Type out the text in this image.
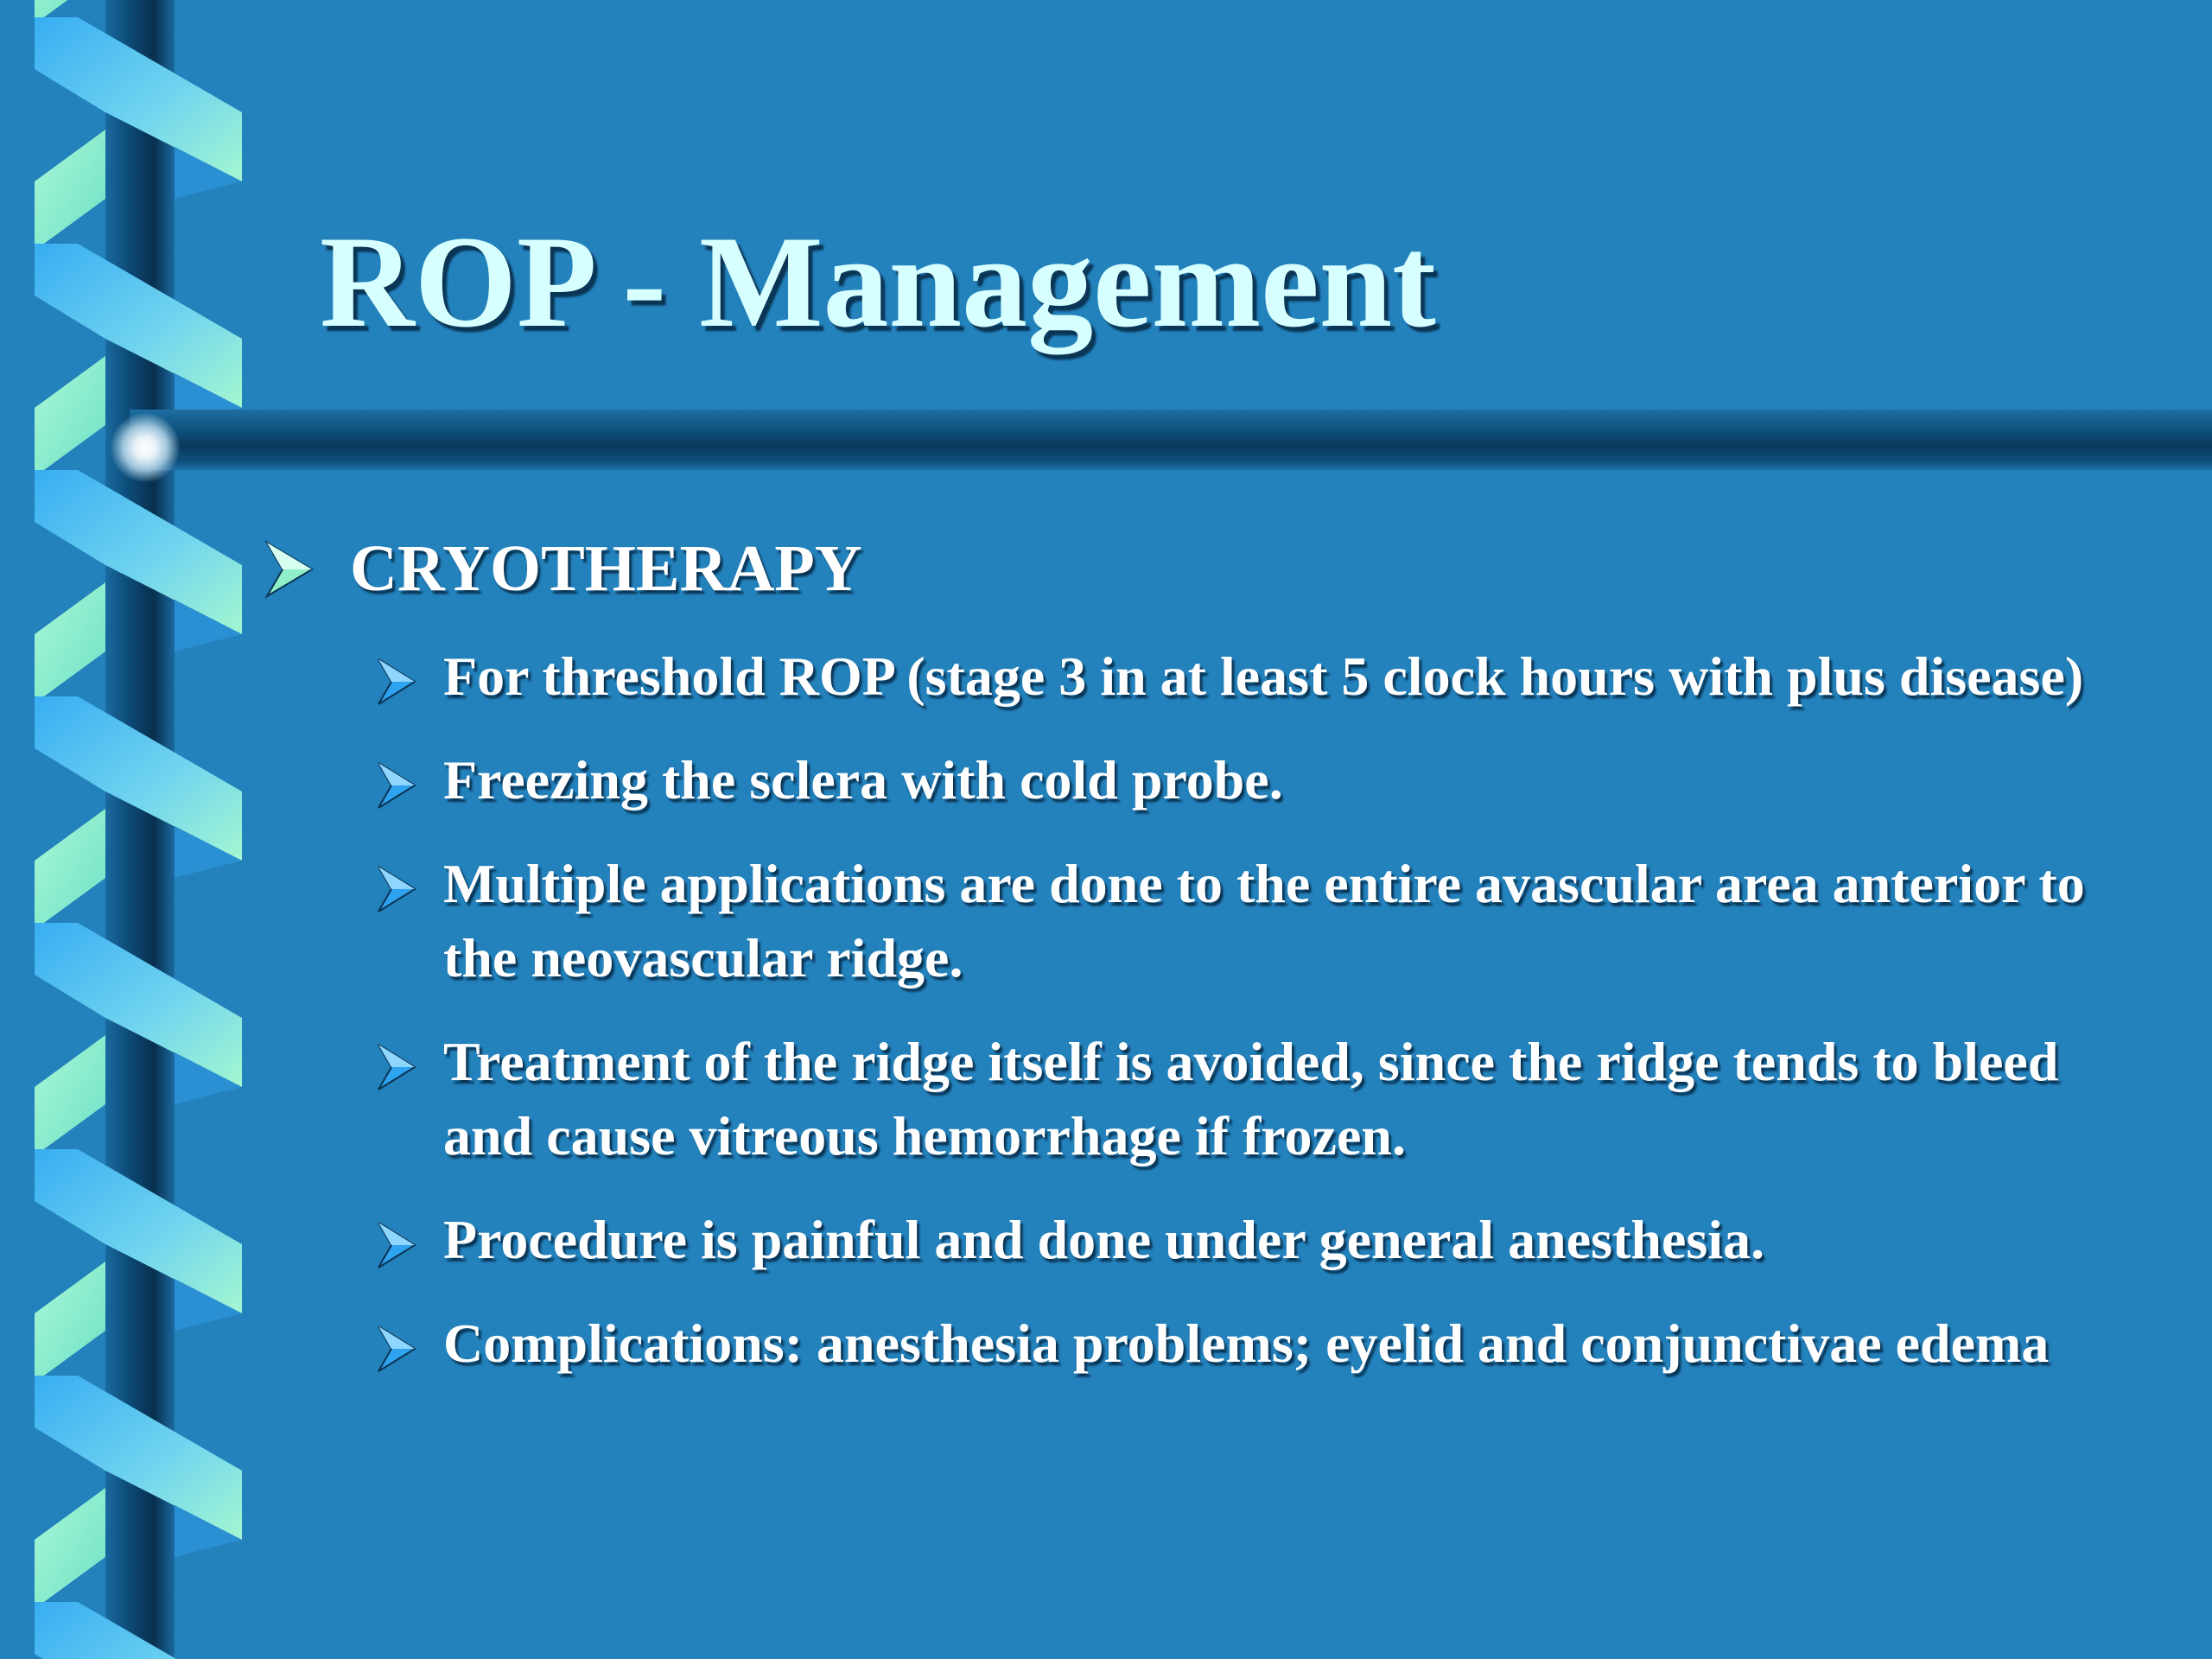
ROP - Management
CRYOTHERAPY
For threshold ROP (stage 3 in at least 5 clock hours with plus disease)
Freezing the sclera with cold probe.
Multiple applications are done to the entire avascular area anterior to the neovascular ridge.
Treatment of the ridge itself is avoided, since the ridge tends to bleed and cause vitreous hemorrhage if frozen.
Procedure is painful and done under general anesthesia.
Complications: anesthesia problems; eyelid and conjunctivae edema
